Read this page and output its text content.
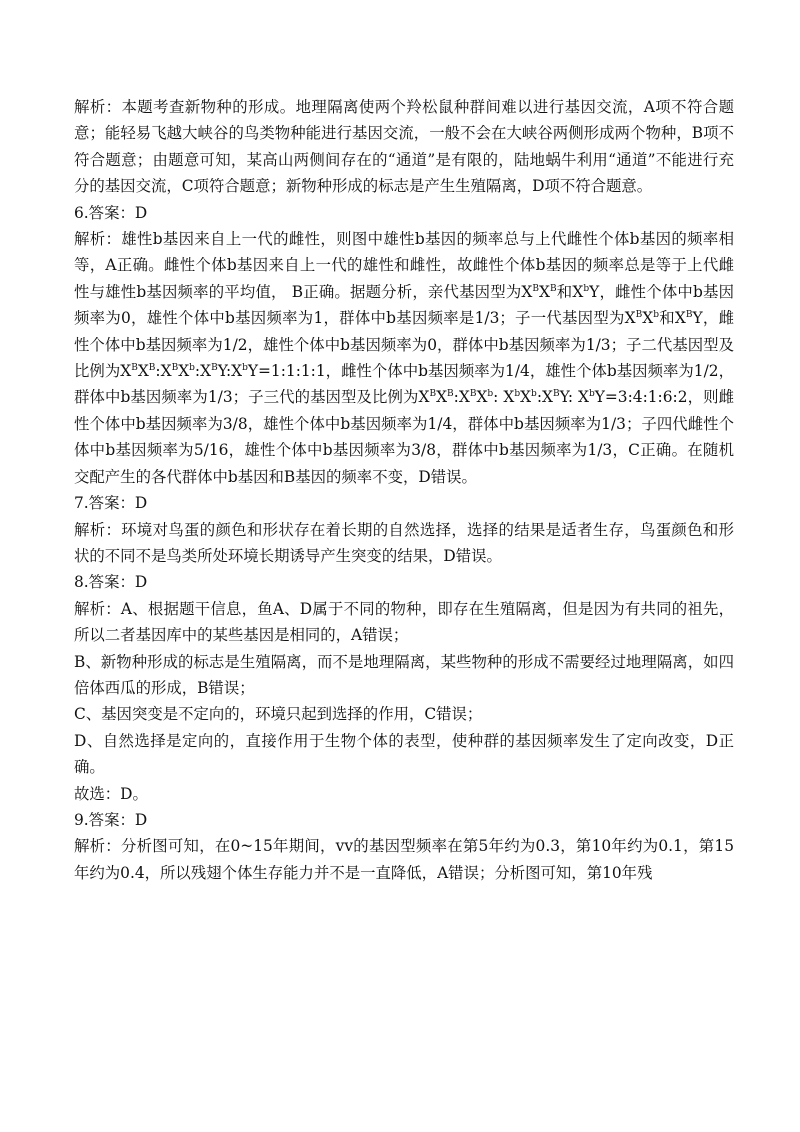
解析：本题考查新物种的形成。地理隔离使两个羚松鼠种群间难以进行基因交流，A项不符合题意；能轻易飞越大峡谷的鸟类物种能进行基因交流，一般不会在大峡谷两侧形成两个物种，B项不符合题意；由题意可知，某高山两侧间存在的“通道”是有限的，陆地蜗牛利用“通道”不能进行充分的基因交流，C项符合题意；新物种形成的标志是产生生殖隔离，D项不符合题意。

6.答案：D

解析：雄性b基因来自上一代的雌性，则图中雄性b基因的频率总与上代雌性个体b基因的频率相等，A正确。雌性个体b基因来自上一代的雄性和雌性，故雌性个体b基因的频率总是等于上代雌性与雄性b基因频率的平均值， B正确。据题分析，亲代基因型为$X^BX^B$和$X^bY$，雌性个体中b基因频率为0，雄性个体中b基因频率为1，群体中b基因频率是1/3；子一代基因型为$X^BX^b$和$X^BY$，雌性个体中b基因频率为1/2，雄性个体中b基因频率为0，群体中b基因频率为1/3；子二代基因型及比例为$X^BX^B:X^BX^b:X^BY:X^bY=1:1:1:1$，雌性个体中b基因频率为1/4，雄性个体b基因频率为1/2，群体中b基因频率为1/3；子三代的基因型及比例为$X^BX^B:X^BX^b$: $X^bX^b:X^BY$: $X^bY=3:4:1:6:2$，则雌性个体中b基因频率为3/8，雄性个体中b基因频率为1/4，群体中b基因频率为1/3；子四代雌性个体中b基因频率为5/16，雄性个体中b基因频率为3/8，群体中b基因频率为1/3，C正确。在随机交配产生的各代群体中b基因和B基因的频率不变，D错误。

7.答案：D

解析：环境对鸟蛋的颜色和形状存在着长期的自然选择，选择的结果是适者生存，鸟蛋颜色和形状的不同不是鸟类所处环境长期诱导产生突变的结果，D错误。

8.答案：D

解析：A、根据题干信息，鱼A、D属于不同的物种，即存在生殖隔离，但是因为有共同的祖先，所以二者基因库中的某些基因是相同的，A错误；

B、新物种形成的标志是生殖隔离，而不是地理隔离，某些物种的形成不需要经过地理隔离，如四倍体西瓜的形成，B错误；

C、基因突变是不定向的，环境只起到选择的作用，C错误；

D、自然选择是定向的，直接作用于生物个体的表型，使种群的基因频率发生了定向改变，D正确。

故选：D。

9.答案：D

解析：分析图可知，在0~15年期间，vv的基因型频率在第5年约为0.3，第10年约为0.1，第15年约为0.4，所以残翅个体生存能力并不是一直降低，A错误；分析图可知，第10年残
